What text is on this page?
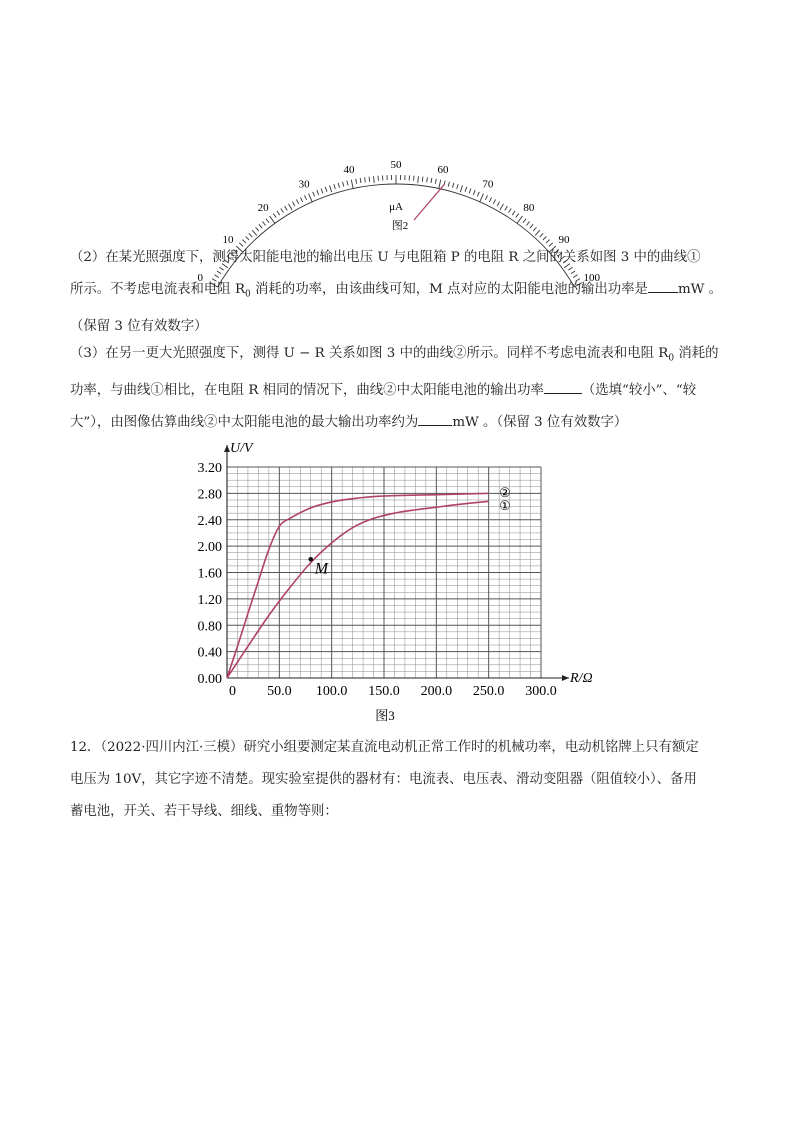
0
10
20
30
40	50	60
70
80
90
100
μA
图2
（2）在某光照强度下，测得太阳能电池的输出电压 U 与电阻箱 P 的电阻 R 之间的关系如图 3 中的曲线①
所示。不考虑电流表和电阻 $R_0$ 消耗的功率，由该曲线可知，M 点对应的太阳能电池的输出功率是 mW 。
（保留 3 位有效数字）
（3）在另一更大光照强度下，测得 U − R 关系如图 3 中的曲线②所示。同样不考虑电流表和电阻 $R_0$ 消耗的
功率，与曲线①相比，在电阻 R 相同的情况下，曲线②中太阳能电池的输出功率	（选填“较小”、“较
大”），由图像估算曲线②中太阳能电池的最大输出功率约为	mW 。（保留 3 位有效数字）
0.00
0.40
0.80
1.20
1.60
2.00
2.40
2.80
3.20
0 50.0 100.0 150.0 200.0 250.0 300.0
M
②
①
U/V
R/Ω
图3
12．（2022·四川内江·三模）研究小组要测定某直流电动机正常工作时的机械功率，电动机铭牌上只有额定
电压为 10V，其它字迹不清楚。现实验室提供的器材有：电流表、电压表、滑动变阻器（阻值较小）、备用
蓄电池，开关、若干导线、细线、重物等则：
